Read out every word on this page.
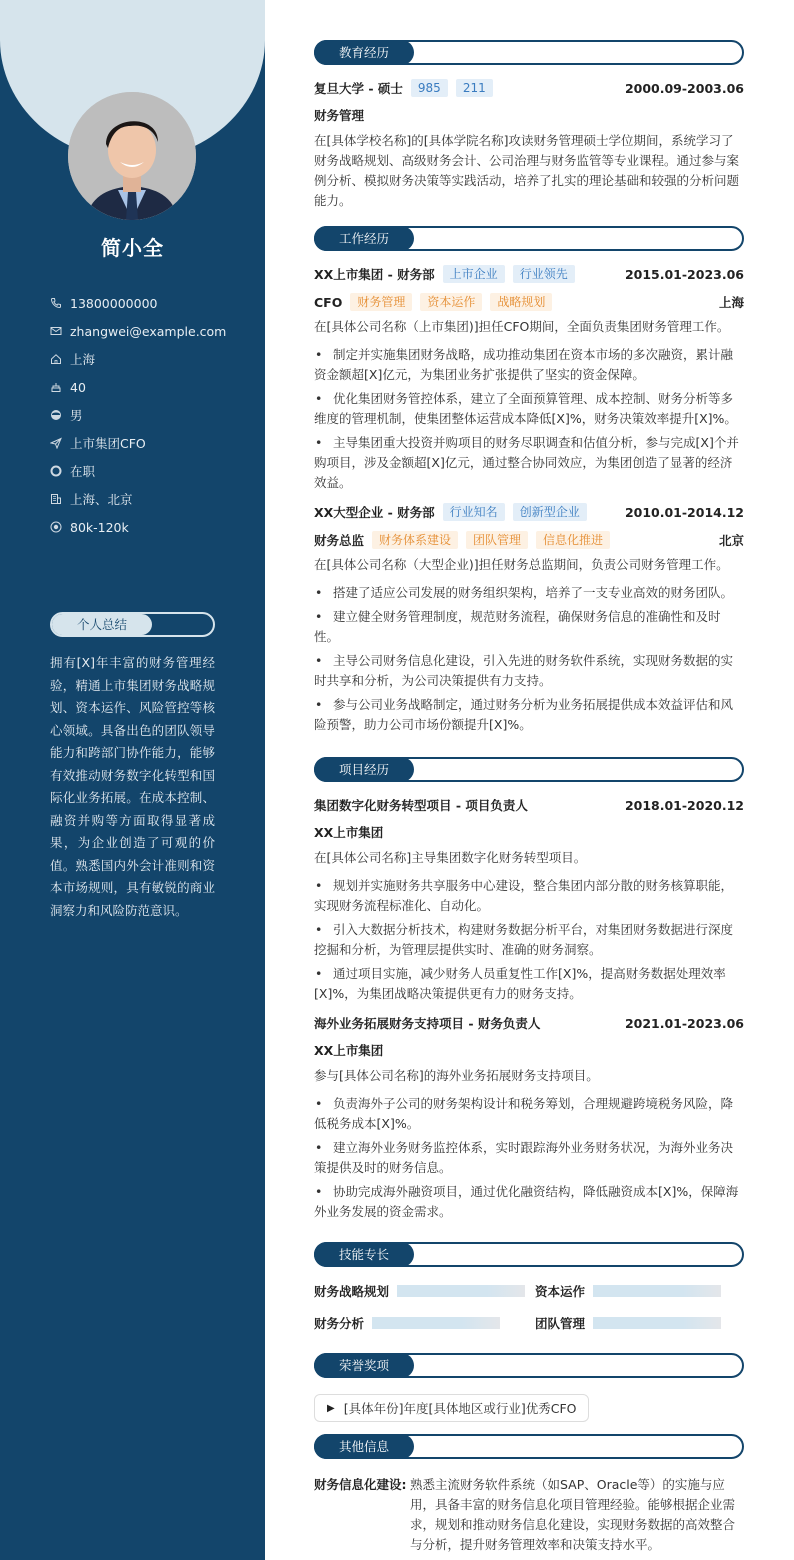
简小全
13800000000
zhangwei@example.com
上海
40
男
上市集团CFO
在职
上海、北京
80k-120k
个人总结
拥有[X]年丰富的财务管理经验，精通上市集团财务战略规划、资本运作、风险管控等核心领域。具备出色的团队领导能力和跨部门协作能力，能够有效推动财务数字化转型和国际化业务拓展。在成本控制、融资并购等方面取得显著成果，为企业创造了可观的价值。熟悉国内外会计准则和资本市场规则，具有敏锐的商业洞察力和风险防范意识。
教育经历
复旦大学 - 硕士	985	211	2000.09-2003.06
财务管理
在[具体学校名称]的[具体学院名称]攻读财务管理硕士学位期间，系统学习了财务战略规划、高级财务会计、公司治理与财务监管等专业课程。通过参与案例分析、模拟财务决策等实践活动，培养了扎实的理论基础和较强的分析问题能力。
工作经历
XX上市集团 - 财务部	上市企业	行业领先	2015.01-2023.06
CFO	财务管理	资本运作	战略规划	上海
在[具体公司名称（上市集团)]担任CFO期间，全面负责集团财务管理工作。
• 制定并实施集团财务战略，成功推动集团在资本市场的多次融资，累计融资金额超[X]亿元，为集团业务扩张提供了坚实的资金保障。
• 优化集团财务管控体系，建立了全面预算管理、成本控制、财务分析等多维度的管理机制，使集团整体运营成本降低[X]%，财务决策效率提升[X]%。
• 主导集团重大投资并购项目的财务尽职调查和估值分析，参与完成[X]个并购项目，涉及金额超[X]亿元，通过整合协同效应，为集团创造了显著的经济效益。
XX大型企业 - 财务部	行业知名	创新型企业	2010.01-2014.12
财务总监	财务体系建设	团队管理	信息化推进	北京
在[具体公司名称（大型企业)]担任财务总监期间，负责公司财务管理工作。
• 搭建了适应公司发展的财务组织架构，培养了一支专业高效的财务团队。
• 建立健全财务管理制度，规范财务流程，确保财务信息的准确性和及时性。
• 主导公司财务信息化建设，引入先进的财务软件系统，实现财务数据的实时共享和分析，为公司决策提供有力支持。
• 参与公司业务战略制定，通过财务分析为业务拓展提供成本效益评估和风险预警，助力公司市场份额提升[X]%。
项目经历
集团数字化财务转型项目 - 项目负责人	2018.01-2020.12
XX上市集团
在[具体公司名称]主导集团数字化财务转型项目。
• 规划并实施财务共享服务中心建设，整合集团内部分散的财务核算职能，实现财务流程标准化、自动化。
• 引入大数据分析技术，构建财务数据分析平台，对集团财务数据进行深度挖掘和分析，为管理层提供实时、准确的财务洞察。
• 通过项目实施，减少财务人员重复性工作[X]%，提高财务数据处理效率[X]%，为集团战略决策提供更有力的财务支持。
海外业务拓展财务支持项目 - 财务负责人	2021.01-2023.06
XX上市集团
参与[具体公司名称]的海外业务拓展财务支持项目。
• 负责海外子公司的财务架构设计和税务筹划，合理规避跨境税务风险，降低税务成本[X]%。
• 建立海外业务财务监控体系，实时跟踪海外业务财务状况，为海外业务决策提供及时的财务信息。
• 协助完成海外融资项目，通过优化融资结构，降低融资成本[X]%，保障海外业务发展的资金需求。
技能专长
财务战略规划	资本运作
财务分析	团队管理
荣誉奖项
▶ [具体年份]年度[具体地区或行业]优秀CFO
其他信息
财务信息化建设: 熟悉主流财务软件系统（如SAP、Oracle等）的实施与应用，具备丰富的财务信息化项目管理经验。能够根据企业需求，规划和推动财务信息化建设，实现财务数据的高效整合与分析，提升财务管理效率和决策支持水平。
